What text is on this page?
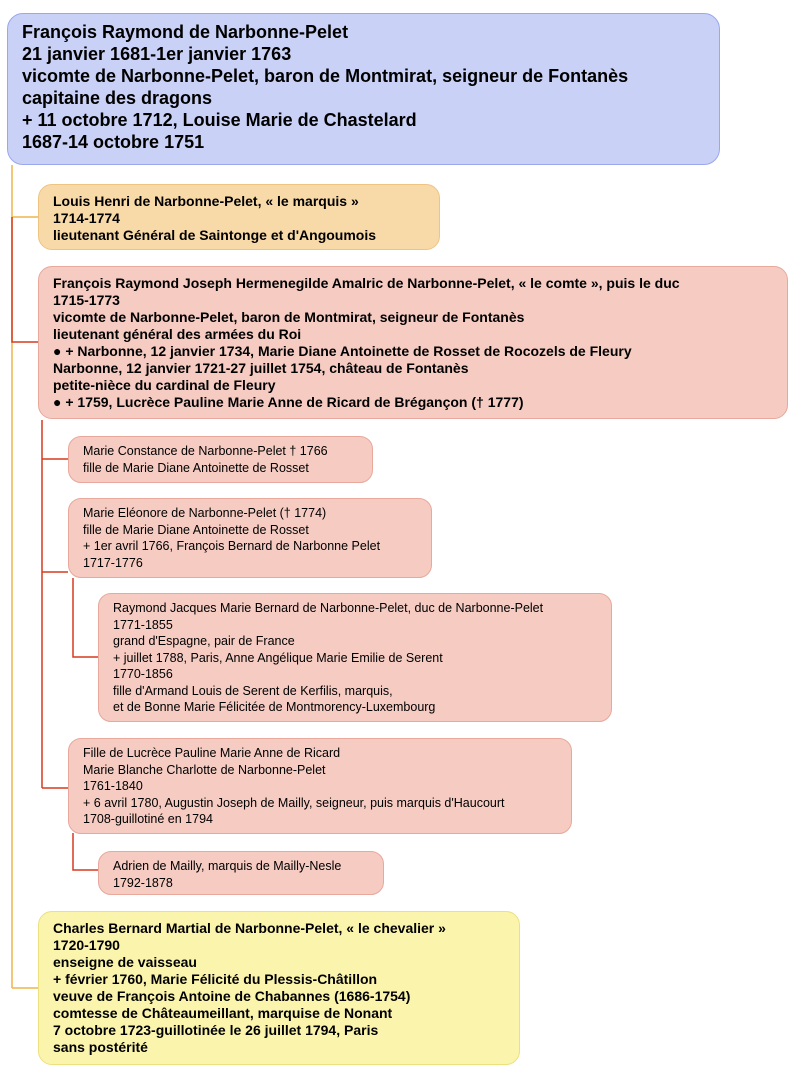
François Raymond de Narbonne-Pelet
21 janvier 1681-1er janvier 1763
vicomte de Narbonne-Pelet, baron de Montmirat, seigneur de Fontanès
capitaine des dragons
+ 11 octobre 1712, Louise Marie de Chastelard
1687-14 octobre 1751
Louis Henri de Narbonne-Pelet, « le marquis »
1714-1774
lieutenant Général de Saintonge et d'Angoumois
François Raymond Joseph Hermenegilde Amalric de Narbonne-Pelet, « le comte », puis le duc
1715-1773
vicomte de Narbonne-Pelet, baron de Montmirat, seigneur de Fontanès
lieutenant général des armées du Roi
● + Narbonne, 12 janvier 1734, Marie Diane Antoinette de Rosset de Rocozels de Fleury
Narbonne, 12 janvier 1721-27 juillet 1754, château de Fontanès
petite-nièce du cardinal de Fleury
● + 1759, Lucrèce Pauline Marie Anne de Ricard de Brégançon († 1777)
Marie Constance de Narbonne-Pelet † 1766
fille de Marie Diane Antoinette de Rosset
Marie Eléonore de Narbonne-Pelet († 1774)
fille de Marie Diane Antoinette de Rosset
+ 1er avril 1766, François Bernard de Narbonne Pelet
1717-1776
Raymond Jacques Marie Bernard de Narbonne-Pelet, duc de Narbonne-Pelet
1771-1855
grand d'Espagne, pair de France
+ juillet 1788, Paris, Anne Angélique Marie Emilie de Serent
1770-1856
fille d'Armand Louis de Serent de Kerfilis, marquis,
et de Bonne Marie Félicitée de Montmorency-Luxembourg
Fille de Lucrèce Pauline Marie Anne de Ricard
Marie Blanche Charlotte de Narbonne-Pelet
1761-1840
+ 6 avril 1780, Augustin Joseph de Mailly, seigneur, puis marquis d'Haucourt
1708-guillotiné en 1794
Adrien de Mailly, marquis de Mailly-Nesle
1792-1878
Charles Bernard Martial de Narbonne-Pelet, « le chevalier »
1720-1790
enseigne de vaisseau
+ février 1760, Marie Félicité du Plessis-Châtillon
veuve de François Antoine de Chabannes (1686-1754)
comtesse de Châteaumeillant, marquise de Nonant
7 octobre 1723-guillotinée le 26 juillet 1794, Paris
sans postérité
